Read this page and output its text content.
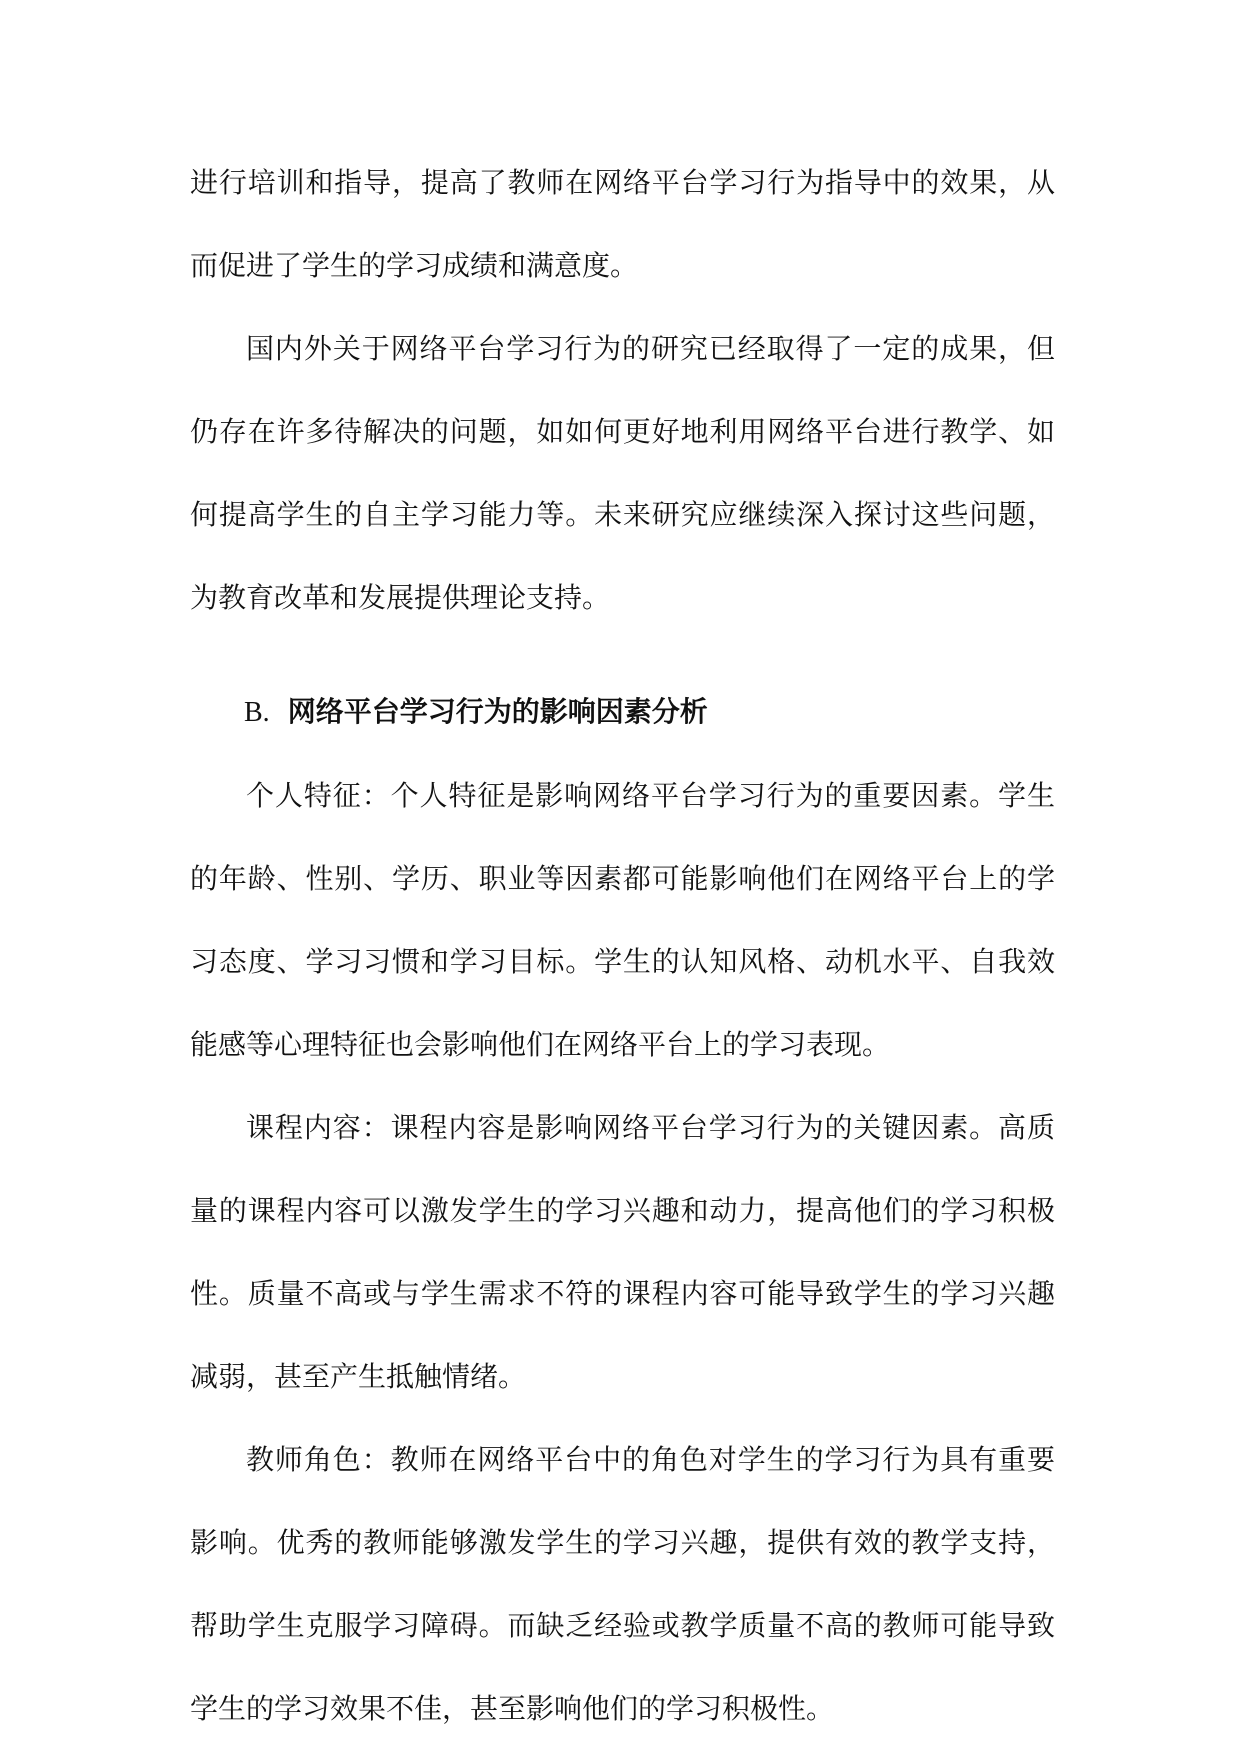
进行培训和指导，提高了教师在网络平台学习行为指导中的效果，从而促进了学生的学习成绩和满意度。

国内外关于网络平台学习行为的研究已经取得了一定的成果，但仍存在许多待解决的问题，如如何更好地利用网络平台进行教学、如何提高学生的自主学习能力等。未来研究应继续深入探讨这些问题，为教育改革和发展提供理论支持。

B. 网络平台学习行为的影响因素分析

个人特征：个人特征是影响网络平台学习行为的重要因素。学生的年龄、性别、学历、职业等因素都可能影响他们在网络平台上的学习态度、学习习惯和学习目标。学生的认知风格、动机水平、自我效能感等心理特征也会影响他们在网络平台上的学习表现。

课程内容：课程内容是影响网络平台学习行为的关键因素。高质量的课程内容可以激发学生的学习兴趣和动力，提高他们的学习积极性。质量不高或与学生需求不符的课程内容可能导致学生的学习兴趣减弱，甚至产生抵触情绪。

教师角色：教师在网络平台中的角色对学生的学习行为具有重要影响。优秀的教师能够激发学生的学习兴趣，提供有效的教学支持，帮助学生克服学习障碍。而缺乏经验或教学质量不高的教师可能导致学生的学习效果不佳，甚至影响他们的学习积极性。
